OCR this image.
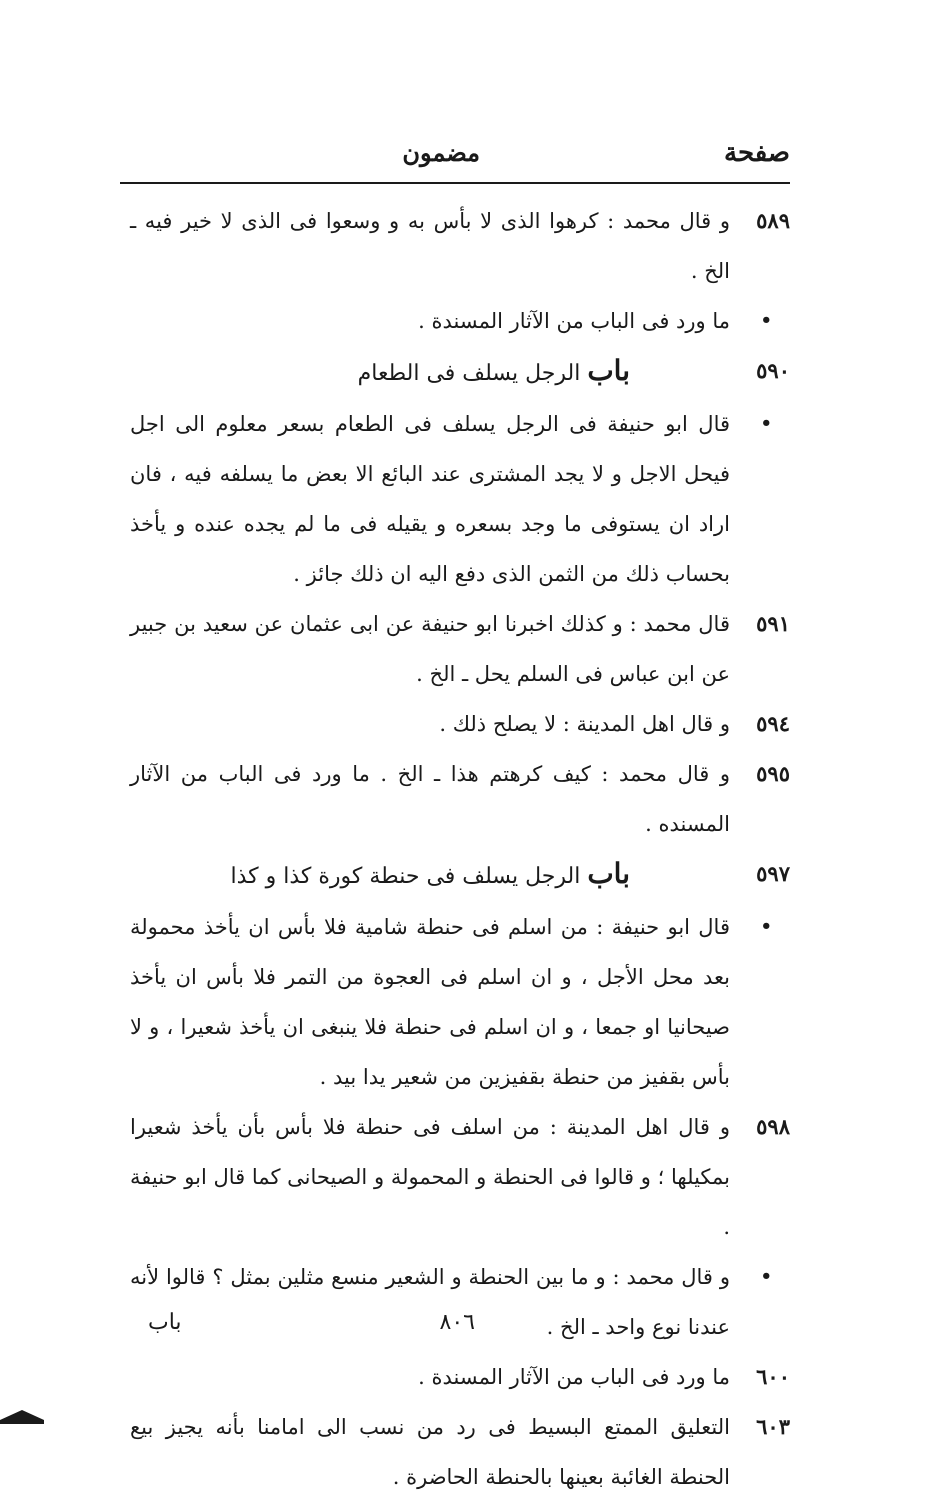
صفحة
مضمون
٥٨٩
و قال محمد : كرهوا الذى لا بأس به و وسعوا فى الذى لا خير فيه ـ الخ .
•
ما ورد فى الباب من الآثار المسندة .
٥٩٠
باب الرجل يسلف فى الطعام
•
قال ابو حنيفة فى الرجل يسلف فى الطعام بسعر معلوم الى اجل فيحل الاجل و لا يجد المشترى عند البائع الا بعض ما يسلفه فيه ، فان اراد ان يستوفى ما وجد بسعره و يقيله فى ما لم يجده عنده و يأخذ بحساب ذلك من الثمن الذى دفع اليه ان ذلك جائز .
٥٩١
قال محمد : و كذلك اخبرنا ابو حنيفة عن ابى عثمان عن سعيد بن جبير عن ابن عباس فى السلم يحل ـ الخ .
٥٩٤
و قال اهل المدينة : لا يصلح ذلك .
٥٩٥
و قال محمد : كيف كرهتم هذا ـ الخ . ما ورد فى الباب من الآثار المسنده .
٥٩٧
باب الرجل يسلف فى حنطة كورة كذا و كذا
•
قال ابو حنيفة : من اسلم فى حنطة شامية فلا بأس ان يأخذ محمولة بعد محل الأجل ، و ان اسلم فى العجوة من التمر فلا بأس ان يأخذ صيحانيا او جمعا ، و ان اسلم فى حنطة فلا ينبغى ان يأخذ شعيرا ، و لا بأس بقفيز من حنطة بقفيزين من شعير يدا بيد .
٥٩٨
و قال اهل المدينة : من اسلف فى حنطة فلا بأس بأن يأخذ شعيرا بمكيلها ؛ و قالوا فى الحنطة و المحمولة و الصيحانى كما قال ابو حنيفة .
•
و قال محمد : و ما بين الحنطة و الشعير منسع مثلين بمثل ؟ قالوا لأنه عندنا نوع واحد ـ الخ .
٦٠٠
ما ورد فى الباب من الآثار المسندة .
٦٠٣
التعليق الممتع البسيط فى رد من نسب الى امامنا بأنه يجيز بيع الحنطة الغائبة بعينها بالحنطة الحاضرة .
٨٠٦
باب
